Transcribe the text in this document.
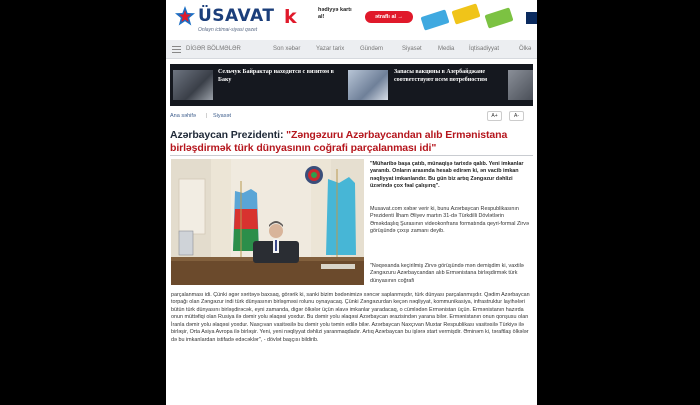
ÜSAVAT
Onlayn ictimai-siyasi qəzet
k	hədiyyə kartı al!	ətraflı al →
DİGƏR BÖLMƏLƏR	Son xəbər	Yazar tarix	Gündəm	Siyasət	Media İqtisadiyyat	Ölkə
Сельчук Байрактар находится с визитом в Баку
Запасы вакцины в Азербайджане соответствуют всем потребностям
Ana səhifə | Siyasət	A+	A-
Azərbaycan Prezidenti: "Zəngəzuru Azərbaycandan alıb Ermənistana birləşdirmək türk dünyasının coğrafi parçalanması idi"
"Müharibə başa çatıb, münaqişə tarixdə qalıb. Yeni imkanlar yaranıb. Onların arasında hesab edirəm ki, ən vacib imkan nəqliyyat imkanlarıdır. Bu gün biz artıq Zəngəzur dəhlizi üzərində çox fəal çalışırıq".
Musavat.com xəbər verir ki, bunu Azərbaycan Respublikasının Prezidenti İlham Əliyev martın 31-də Türkdilli Dövlətlərin Əməkdaşlıq Şurasının videokonfrans formatında qeyri-formal Zirvə görüşündə çıxışı zamanı deyib.
"Nəqəxanda keçirilmiş Zirvə görüşündə mən demişdim ki, vaxtilə Zəngəzuru Azərbaycandan alıb Ermənistana birləşdirmək türk dünyasının coğrafi
parçalanması idi. Çünki əgər xəritəyə baxsaq, görərik ki, sanki bizim bədənimizə xəncər saplanmışdır, türk dünyası parçalanmışdır. Qədim Azərbaycan torpağı olan Zəngəzur indi türk dünyasının birləşməsi rolunu oynayacaq. Çünki Zəngəzurdan keçən nəqliyyat, kommunikasiya, infrastruktur layihələri bütün türk dünyasını birləşdirəcək, eyni zamanda, digər ölkələr üçün əlavə imkanlar yaradacaq, o cümlədən Ermənistan üçün. Ermənistanın hazırda onun müttəfiqi olan Rusiya ilə dəmir yolu əlaqəsi yoxdur. Bu dəmir yolu əlaqəsi Azərbaycan ərazisindən yarana bilər. Ermənistanın onun qonşusu olan İranla dəmir yolu əlaqəsi yoxdur. Naxçıvan vasitəsilə bu dəmir yolu təmin edilə bilər. Azərbaycan Naxçıvan Muxtar Respublikası vasitəsilə Türkiyə ilə birləşir, Orta Asiya Avropa ilə birləşir. Yeni, yeni nəqliyyat dəhlizi yaranmaqdadır. Artıq Azərbaycan bu işlərə start vermişdir. Əminəm ki, təraftlaş ölkələr də bu imkanlardan istifadə edəcəklər", - dövlət başçısı bildirib.
